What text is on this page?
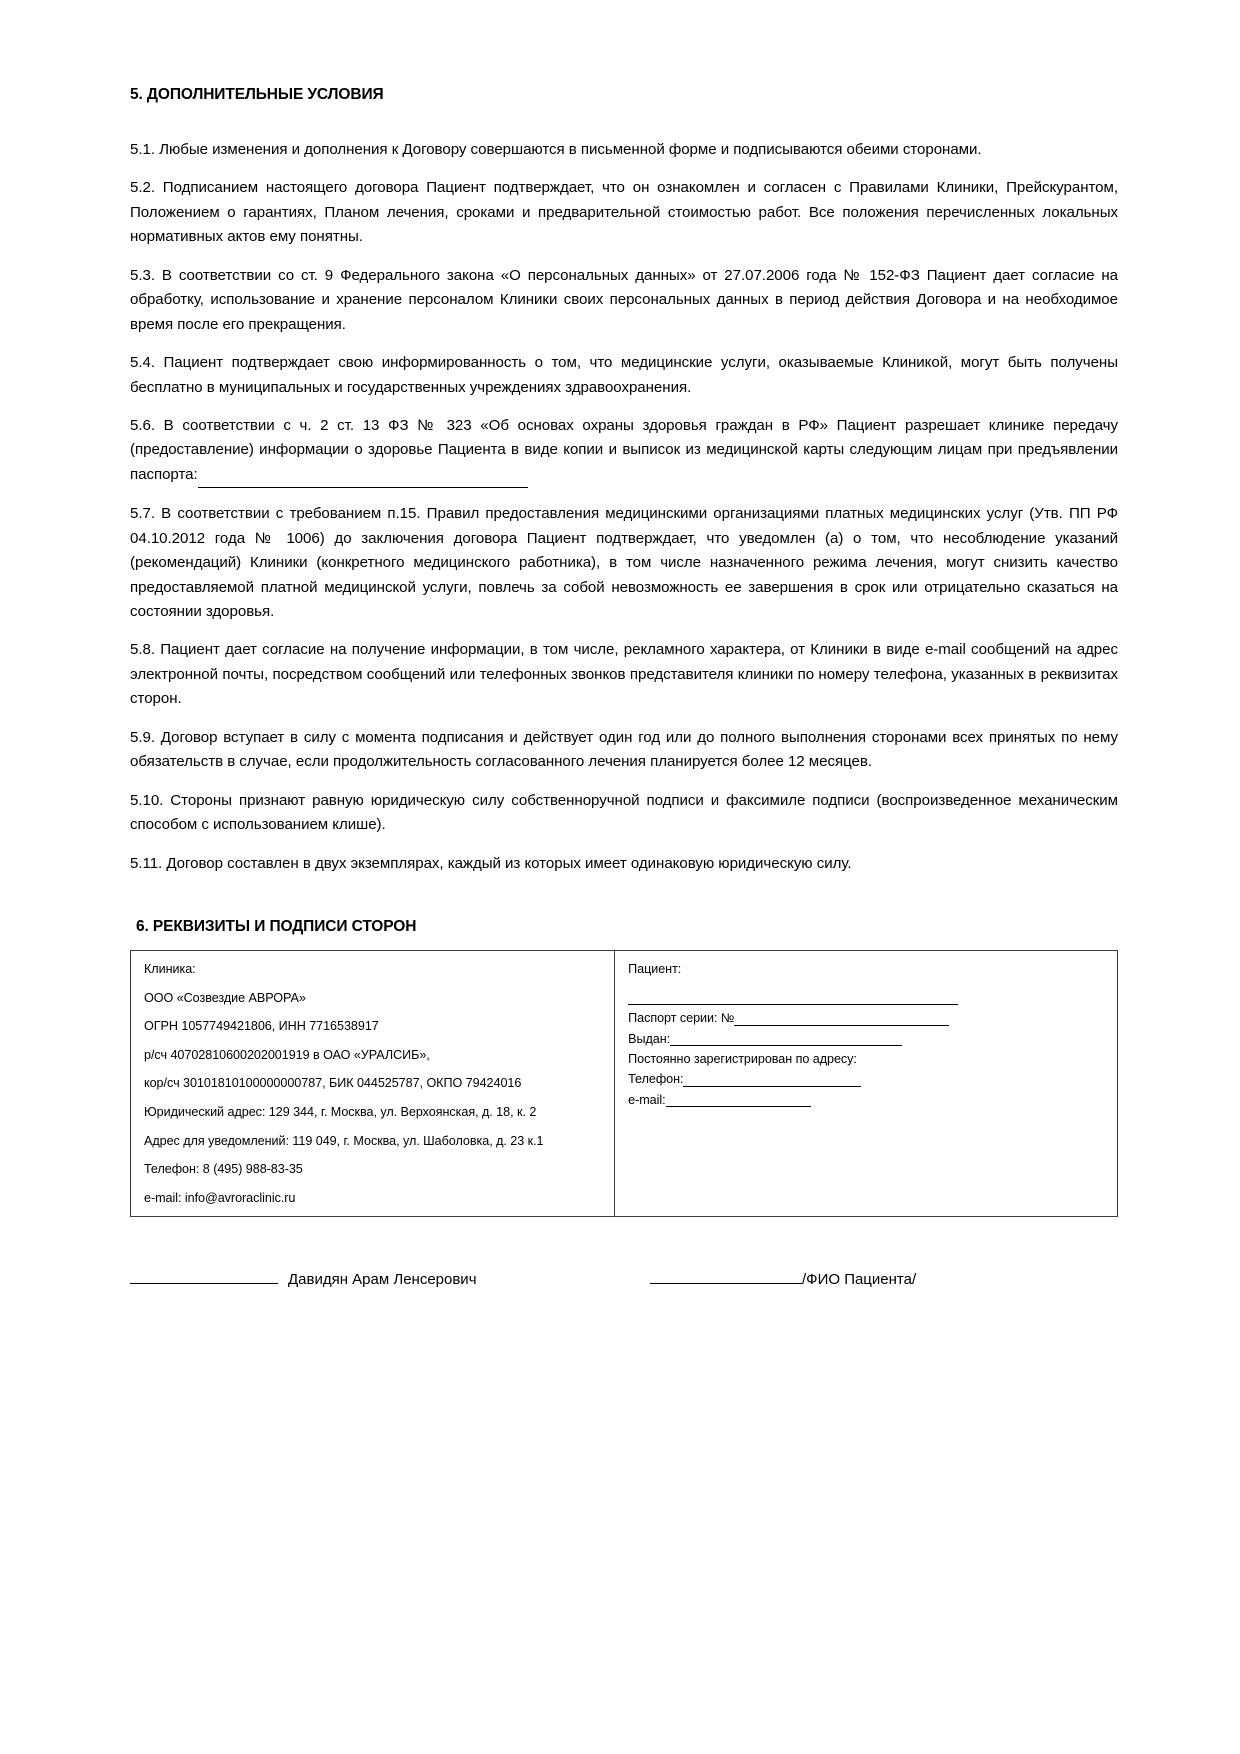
5. ДОПОЛНИТЕЛЬНЫЕ УСЛОВИЯ

5.1. Любые изменения и дополнения к Договору совершаются в письменной форме и подписываются обеими сторонами.

5.2. Подписанием настоящего договора Пациент подтверждает, что он ознакомлен и согласен с Правилами Клиники, Прейскурантом, Положением о гарантиях, Планом лечения, сроками и предварительной стоимостью работ. Все положения перечисленных локальных нормативных актов ему понятны.

5.3. В соответствии со ст. 9 Федерального закона «О персональных данных» от 27.07.2006 года № 152-ФЗ Пациент дает согласие на обработку, использование и хранение персоналом Клиники своих персональных данных в период действия Договора и на необходимое время после его прекращения.

5.4. Пациент подтверждает свою информированность о том, что медицинские услуги, оказываемые Клиникой, могут быть получены бесплатно в муниципальных и государственных учреждениях здравоохранения.

5.6. В соответствии с ч. 2 ст. 13 ФЗ № 323 «Об основах охраны здоровья граждан в РФ» Пациент разрешает клинике передачу (предоставление) информации о здоровье Пациента в виде копии и выписок из медицинской карты следующим лицам при предъявлении паспорта:

5.7. В соответствии с требованием п.15. Правил предоставления медицинскими организациями платных медицинских услуг (Утв. ПП РФ 04.10.2012 года № 1006) до заключения договора Пациент подтверждает, что уведомлен (а) о том, что несоблюдение указаний (рекомендаций) Клиники (конкретного медицинского работника), в том числе назначенного режима лечения, могут снизить качество предоставляемой платной медицинской услуги, повлечь за собой невозможность ее завершения в срок или отрицательно сказаться на состоянии здоровья.

5.8. Пациент дает согласие на получение информации, в том числе, рекламного характера, от Клиники в виде e-mail сообщений на адрес электронной почты, посредством сообщений или телефонных звонков представителя клиники по номеру телефона, указанных в реквизитах сторон.

5.9. Договор вступает в силу с момента подписания и действует один год или до полного выполнения сторонами всех принятых по нему обязательств в случае, если продолжительность согласованного лечения планируется более 12 месяцев.

5.10. Стороны признают равную юридическую силу собственноручной подписи и факсимиле подписи (воспроизведенное механическим способом с использованием клише).

5.11. Договор составлен в двух экземплярах, каждый из которых имеет одинаковую юридическую силу.

6. РЕКВИЗИТЫ И ПОДПИСИ СТОРОН

Клиника:

ООО «Созвездие АВРОРА»

ОГРН 1057749421806, ИНН 7716538917

р/сч 40702810600202001919 в ОАО «УРАЛСИБ»,

кор/сч 30101810100000000787, БИК 044525787, ОКПО 79424016

Юридический адрес: 129 344, г. Москва, ул. Верхоянская, д. 18, к. 2

Адрес для уведомлений: 119 049, г. Москва, ул. Шаболовка, д. 23 к.1

Телефон: 8 (495) 988-83-35

e-mail: info@avroraclinic.ru

Пациент:

Паспорт серии: №

Выдан:

Постоянно зарегистрирован по адресу:

Телефон:

e-mail:

Давидян Арам Ленсерович	/ФИО Пациента/
